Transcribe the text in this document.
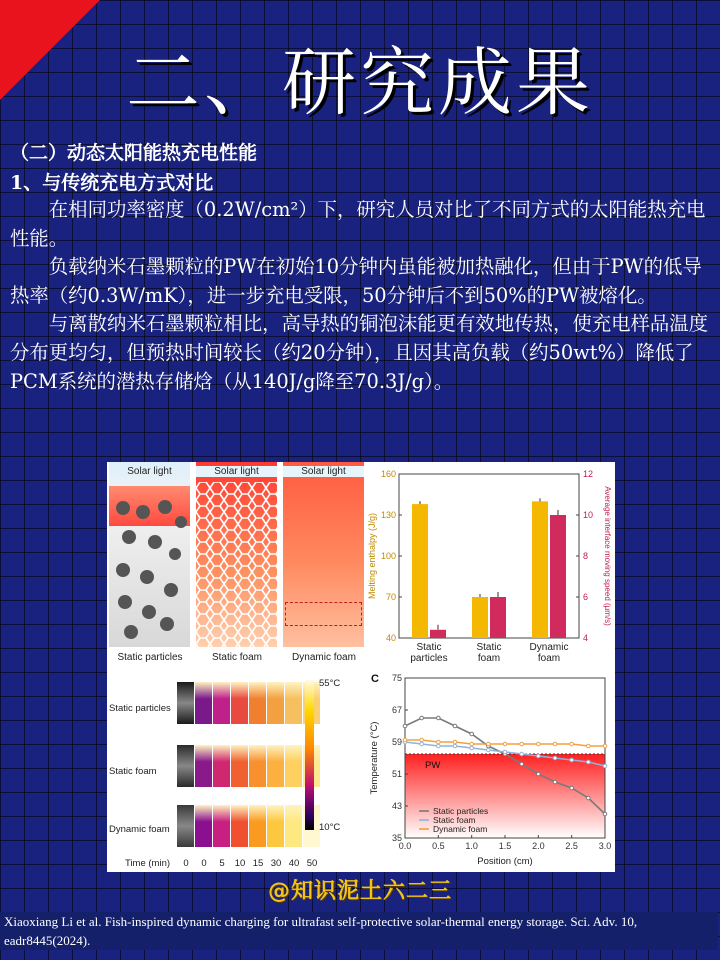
二、研究成果
（二）动态太阳能热充电性能
1、与传统充电方式对比

在相同功率密度（0.2W/cm²）下，研究人员对比了不同方式的太阳能热充电性能。

负载纳米石墨颗粒的PW在初始10分钟内虽能被加热融化，但由于PW的低导热率（约0.3W/mK），进一步充电受限，50分钟后不到50%的PW被熔化。

与离散纳米石墨颗粒相比，高导热的铜泡沫能更有效地传热，使充电样品温度分布更均匀，但预热时间较长（约20分钟），且因其高负载（约50wt%）降低了PCM系统的潜热存储焓（从140J/g降至70.3J/g）。

Solar light	Solar light	Solar light
Static particles	Static foam	Dynamic foam
40
70
100
130
160
4
6
8
10
12
Melting enthalpy (J/g)	Average interface moving speed (μm/s)
Static
particles
Static
foam
Dynamic
foam
Static particles
Static foam
Dynamic foam
55°C
10°C
Time (min)	0	0	5	10 15 30 40 50
C
PW
35
43
51
59
67
75
0.0 0.5 1.0 1.5 2.0 2.5 3.0
Position (cm)
Temperature (°C)
Static particles
Static foam
Dynamic foam
@知识泥土六二三
Xiaoxiang Li et al. Fish-inspired dynamic charging for ultrafast self-protective solar-thermal energy storage. Sci. Adv. 10, eadr8445(2024).
